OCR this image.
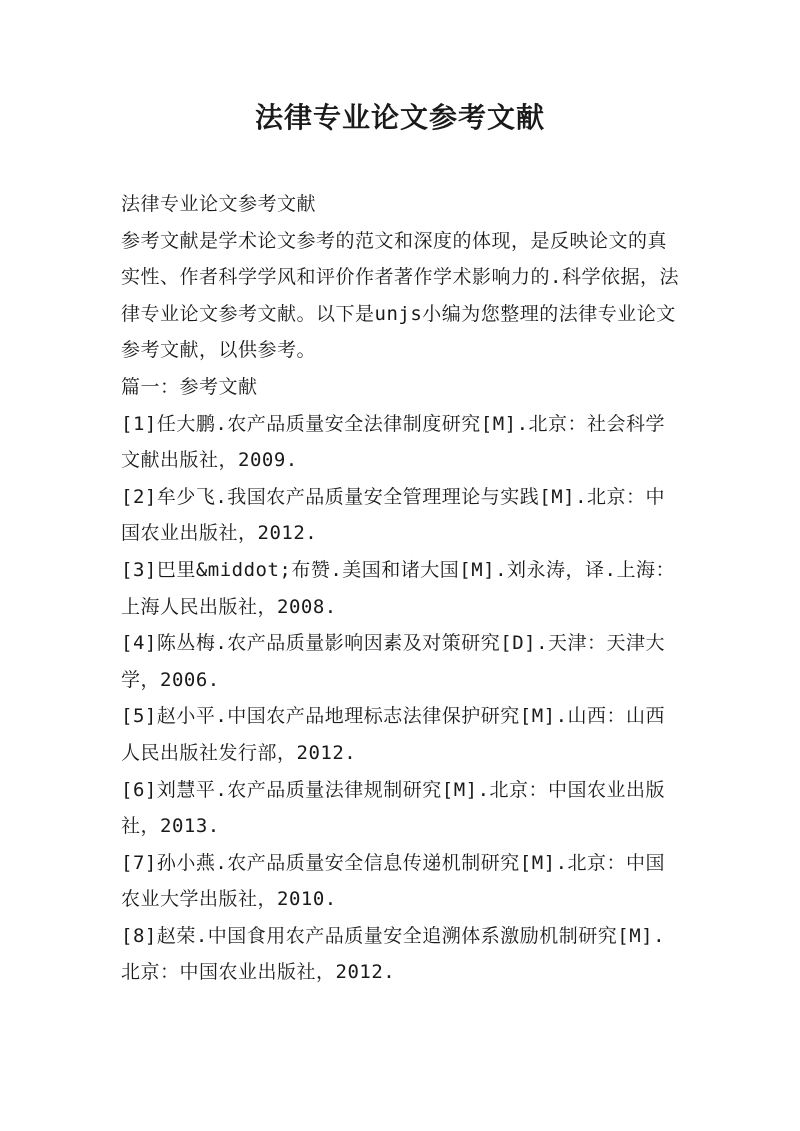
法律专业论文参考文献

法律专业论文参考文献

参考文献是学术论文参考的范文和深度的体现，是反映论文的真实性、作者科学学风和评价作者著作学术影响力的.科学依据，法律专业论文参考文献。以下是unjs小编为您整理的法律专业论文参考文献，以供参考。

篇一：参考文献

[1]任大鹏.农产品质量安全法律制度研究[M].北京：社会科学文献出版社，2009.

[2]牟少飞.我国农产品质量安全管理理论与实践[M].北京：中国农业出版社，2012.

[3]巴里&middot;布赞.美国和诸大国[M].刘永涛，译.上海：上海人民出版社，2008.

[4]陈丛梅.农产品质量影响因素及对策研究[D].天津：天津大学，2006.

[5]赵小平.中国农产品地理标志法律保护研究[M].山西：山西人民出版社发行部，2012.

[6]刘慧平.农产品质量法律规制研究[M].北京：中国农业出版社，2013.

[7]孙小燕.农产品质量安全信息传递机制研究[M].北京：中国农业大学出版社，2010.

[8]赵荣.中国食用农产品质量安全追溯体系激励机制研究[M].北京：中国农业出版社，2012.
